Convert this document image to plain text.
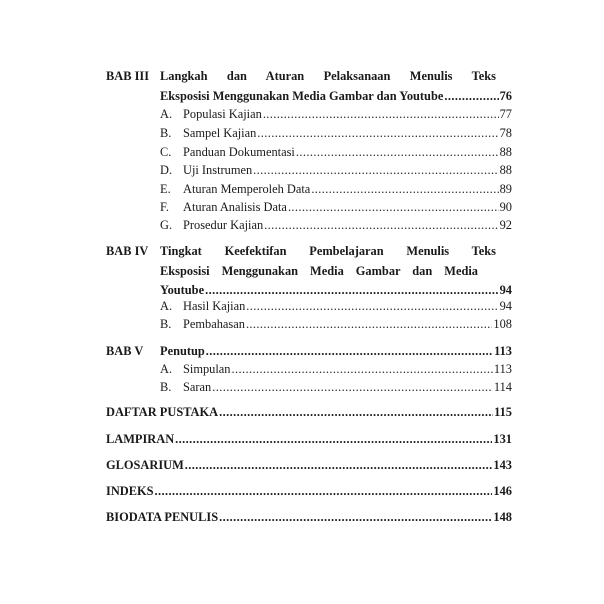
BAB III Langkah dan Aturan Pelaksanaan Menulis Teks
Eksposisi Menggunakan Media Gambar dan Youtube .....	76
A. Populasi Kajian .....	77
B. Sampel Kajian .....	78
C. Panduan Dokumentasi .....	88
D. Uji Instrumen .....	88
E. Aturan Memperoleh Data .....	89
F. Aturan Analisis Data .....	90
G. Prosedur Kajian .....	92
BAB IV Tingkat Keefektifan Pembelajaran Menulis Teks
Eksposisi Menggunakan Media Gambar dan Media
Youtube .....	94
A. Hasil Kajian .....	94
B. Pembahasan .....	108
BAB V Penutup .....	113
A. Simpulan .....	113
B. Saran .....	114
DAFTAR PUSTAKA .....	115
LAMPIRAN .....	131
GLOSARIUM .....	143
INDEKS .....	146
BIODATA PENULIS .....	148
